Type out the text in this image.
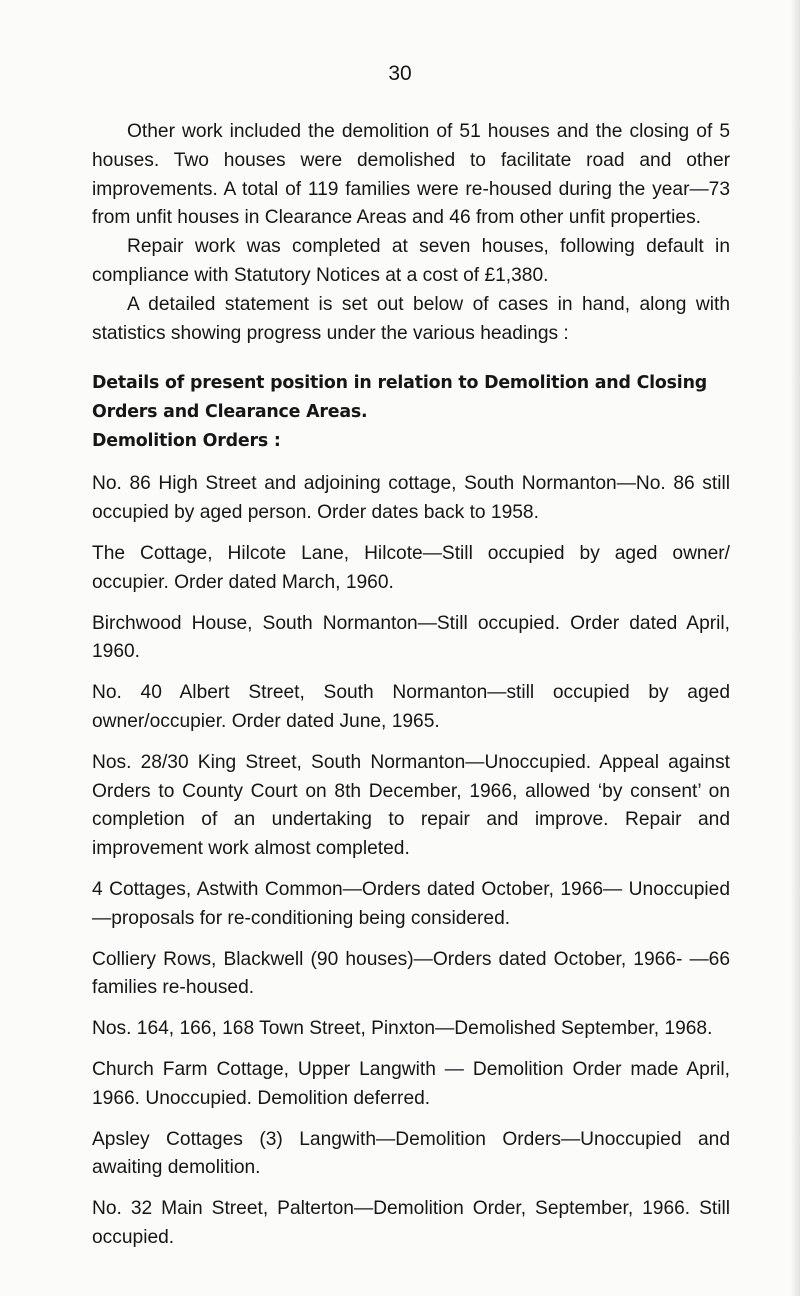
30

Other work included the demolition of 51 houses and the closing of 5 houses. Two houses were demolished to facilitate road and other improvements. A total of 119 families were re-housed during the year—73 from unfit houses in Clearance Areas and 46 from other unfit properties.

Repair work was completed at seven houses, following default in compliance with Statutory Notices at a cost of £1,380.

A detailed statement is set out below of cases in hand, along with statistics showing progress under the various headings :

Details of present position in relation to Demolition and Closing Orders and Clearance Areas.

Demolition Orders :

No. 86 High Street and adjoining cottage, South Normanton—No. 86 still occupied by aged person. Order dates back to 1958.

The Cottage, Hilcote Lane, Hilcote—Still occupied by aged owner/ occupier. Order dated March, 1960.

Birchwood House, South Normanton—Still occupied. Order dated April, 1960.

No. 40 Albert Street, South Normanton—still occupied by aged owner/occupier. Order dated June, 1965.

Nos. 28/30 King Street, South Normanton—Unoccupied. Appeal against Orders to County Court on 8th December, 1966, allowed ‘by consent’ on completion of an undertaking to repair and improve. Repair and improvement work almost completed.

4 Cottages, Astwith Common—Orders dated October, 1966— Unoccupied—proposals for re-conditioning being considered.

Colliery Rows, Blackwell (90 houses)—Orders dated October, 1966- —66 families re-housed.

Nos. 164, 166, 168 Town Street, Pinxton—Demolished September, 1968.

Church Farm Cottage, Upper Langwith — Demolition Order made April, 1966. Unoccupied. Demolition deferred.

Apsley Cottages (3) Langwith—Demolition Orders—Unoccupied and awaiting demolition.

No. 32 Main Street, Palterton—Demolition Order, September, 1966. Still occupied.
